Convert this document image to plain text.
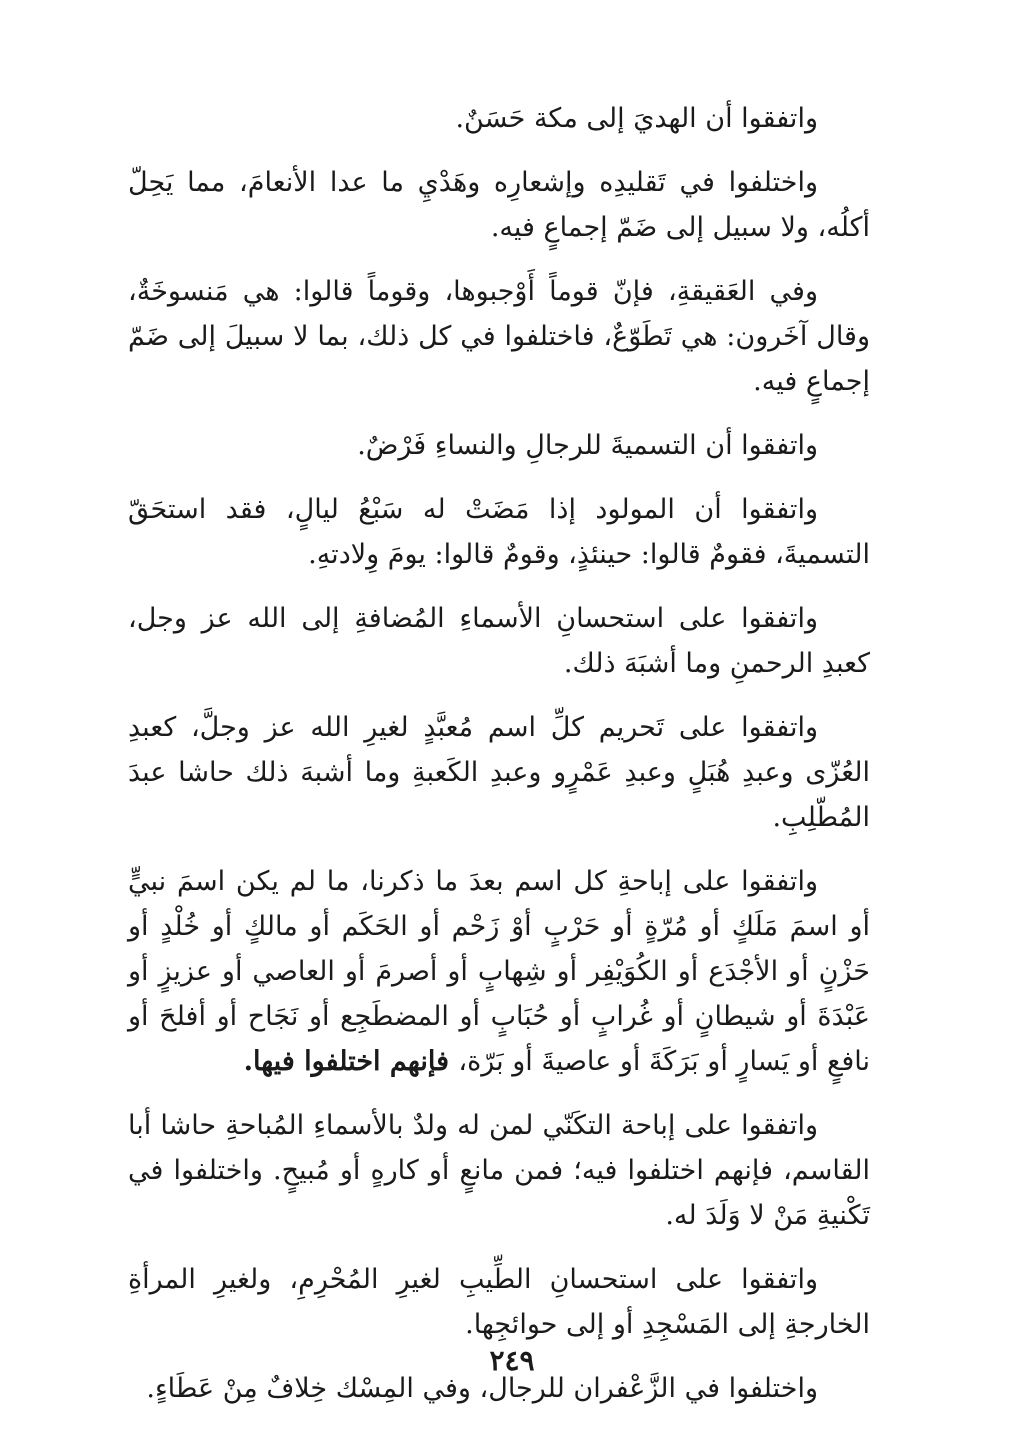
واتفقوا أن الهديَ إلى مكة حَسَنٌ.

واختلفوا في تَقليدِه وإشعارِه وهَدْيِ ما عدا الأنعامَ، مما يَحِلّ أكلُه، ولا سبيل إلى ضَمّ إجماعٍ فيه.

وفي العَقيقةِ، فإنّ قوماً أَوْجبوها، وقوماً قالوا: هي مَنسوخَةٌ، وقال آخَرون: هي تَطَوّعٌ، فاختلفوا في كل ذلك، بما لا سبيلَ إلى ضَمّ إجماعٍ فيه.

واتفقوا أن التسميةَ للرجالِ والنساءِ فَرْضٌ.

واتفقوا أن المولود إذا مَضَتْ له سَبْعُ ليالٍ، فقد استحَقّ التسميةَ، فقومٌ قالوا: حينئذٍ، وقومٌ قالوا: يومَ وِلادتهِ.

واتفقوا على استحسانِ الأسماءِ المُضافةِ إلى الله عز وجل، كعبدِ الرحمنِ وما أشبَهَ ذلك.

واتفقوا على تَحريم كلِّ اسم مُعبَّدٍ لغيرِ الله عز وجلَّ، كعبدِ العُزّى وعبدِ هُبَلٍ وعبدِ عَمْرٍو وعبدِ الكَعبةِ وما أشبهَ ذلك حاشا عبدَ المُطّلِبِ.

واتفقوا على إباحةِ كل اسم بعدَ ما ذكرنا، ما لم يكن اسمَ نبيٍّ أو اسمَ مَلَكٍ أو مُرّةٍ أو حَرْبٍ أوْ زَحْم أو الحَكَم أو مالكٍ أو خُلْدٍ أو حَزْنٍ أو الأجْدَع أو الكُوَيْفِر أو شِهابٍ أو أصرمَ أو العاصي أو عزيزٍ أو عَبْدَةَ أو شيطانٍ أو غُرابٍ أو حُبَابٍ أو المضطَجِع أو نَجَاح أو أفلحَ أو نافعٍ أو يَسارٍ أو بَرَكَةَ أو عاصيةَ أو بَرّة، فإنهم اختلفوا فيها.

واتفقوا على إباحة التكَنّي لمن له ولدٌ بالأسماءِ المُباحةِ حاشا أبا القاسم، فإنهم اختلفوا فيه؛ فمن مانعٍ أو كارهٍ أو مُبيحٍ. واختلفوا في تَكْنيةِ مَنْ لا وَلَدَ له.

واتفقوا على استحسانِ الطِّيبِ لغيرِ المُحْرِمِ، ولغيرِ المرأةِ الخارجةِ إلى المَسْجِدِ أو إلى حوائجِها.

واختلفوا في الزَّعْفران للرجال، وفي المِسْك خِلافٌ مِنْ عَطَاءٍ.

٢٤٩
